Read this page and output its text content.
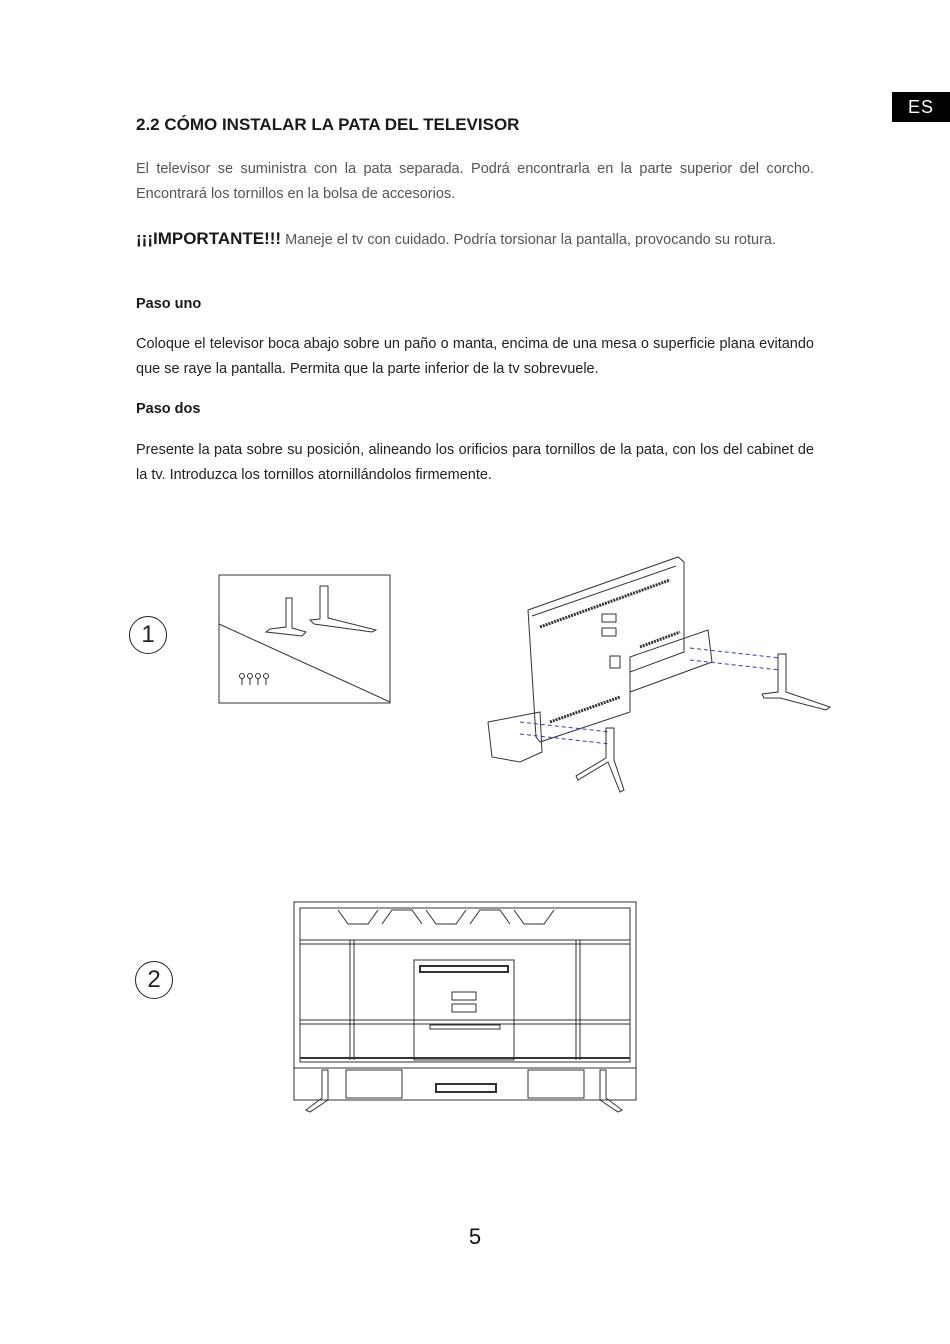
ES
2.2 CÓMO INSTALAR LA PATA DEL TELEVISOR

El televisor se suministra con la pata separada. Podrá encontrarla en la parte superior del corcho. Encontrará los tornillos en la bolsa de accesorios.

¡¡¡IMPORTANTE!!! Maneje el tv con cuidado. Podría torsionar la pantalla, provocando su rotura.

Paso uno

Coloque el televisor boca abajo sobre un paño o manta, encima de una mesa o superficie plana evitando que se raye la pantalla. Permita que la parte inferior de la tv sobrevuele.

Paso dos

Presente la pata sobre su posición, alineando los orificios para tornillos de la pata, con los del cabinet de la tv. Introduzca los tornillos atornillándolos firmemente.

1
2
5
